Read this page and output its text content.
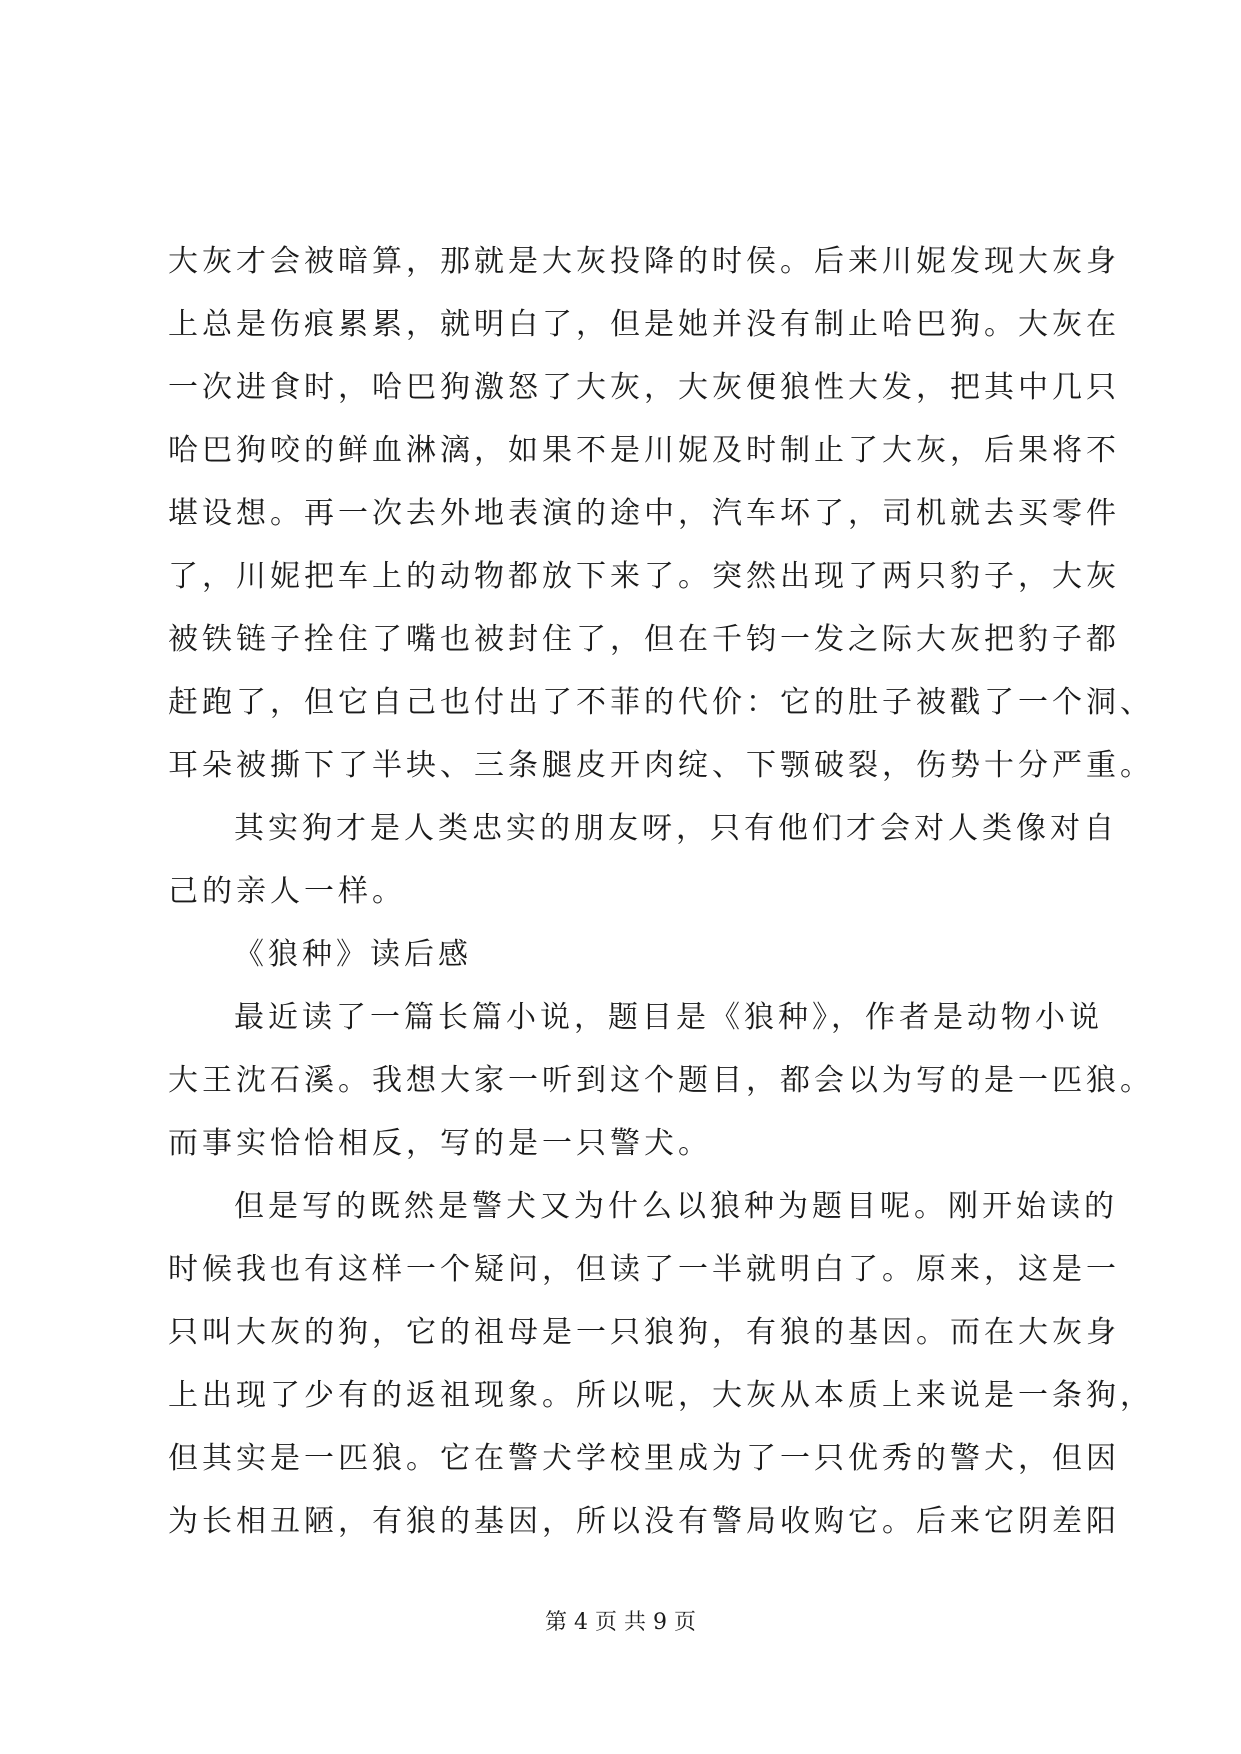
大灰才会被暗算，那就是大灰投降的时侯。后来川妮发现大灰身
上总是伤痕累累，就明白了，但是她并没有制止哈巴狗。大灰在
一次进食时，哈巴狗激怒了大灰，大灰便狼性大发，把其中几只
哈巴狗咬的鲜血淋漓，如果不是川妮及时制止了大灰，后果将不
堪设想。再一次去外地表演的途中，汽车坏了，司机就去买零件
了，川妮把车上的动物都放下来了。突然出现了两只豹子，大灰
被铁链子拴住了嘴也被封住了，但在千钧一发之际大灰把豹子都
赶跑了，但它自己也付出了不菲的代价：它的肚子被戳了一个洞、
耳朵被撕下了半块、三条腿皮开肉绽、下颚破裂，伤势十分严重。
其实狗才是人类忠实的朋友呀，只有他们才会对人类像对自
己的亲人一样。
《狼种》读后感
最近读了一篇长篇小说，题目是《狼种》，作者是动物小说
大王沈石溪。我想大家一听到这个题目，都会以为写的是一匹狼。
而事实恰恰相反，写的是一只警犬。
但是写的既然是警犬又为什么以狼种为题目呢。刚开始读的
时候我也有这样一个疑问，但读了一半就明白了。原来，这是一
只叫大灰的狗，它的祖母是一只狼狗，有狼的基因。而在大灰身
上出现了少有的返祖现象。所以呢，大灰从本质上来说是一条狗，
但其实是一匹狼。它在警犬学校里成为了一只优秀的警犬，但因
为长相丑陋，有狼的基因，所以没有警局收购它。后来它阴差阳
第 4 页 共 9 页
